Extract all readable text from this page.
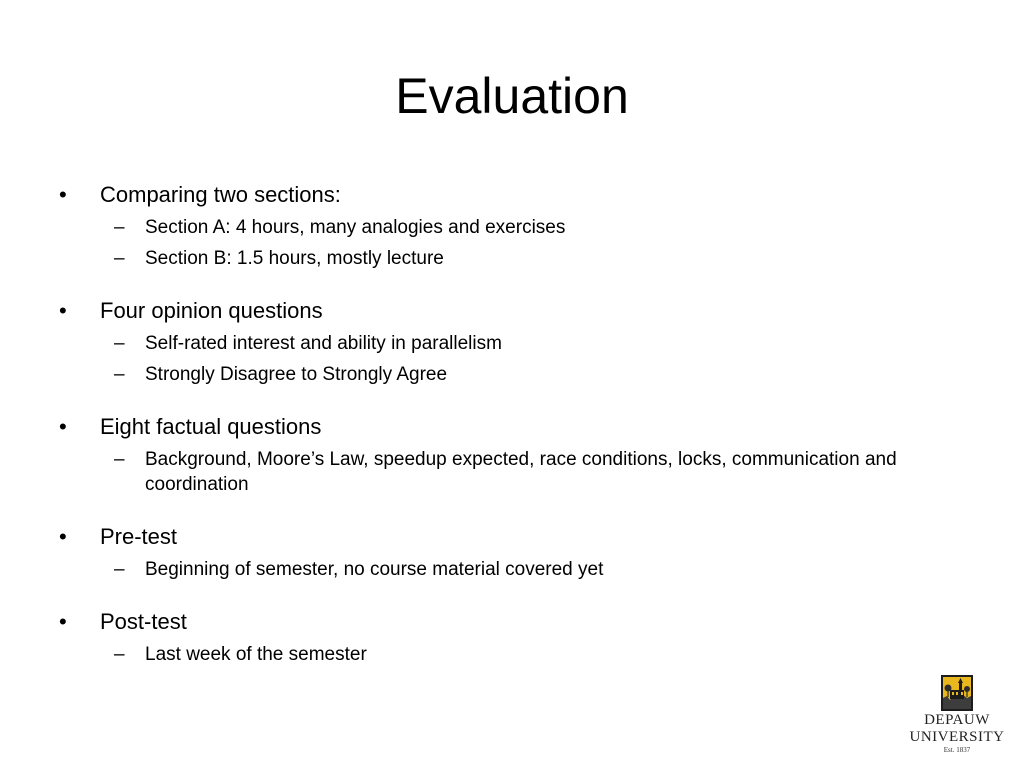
Evaluation
• Comparing two sections:
– Section A: 4 hours, many analogies and exercises
– Section B: 1.5 hours, mostly lecture
• Four opinion questions
– Self-rated interest and ability in parallelism
– Strongly Disagree to Strongly Agree
• Eight factual questions
– Background, Moore’s Law, speedup expected, race conditions, locks, communication and coordination
• Pre-test
– Beginning of semester, no course material covered yet
• Post-test
– Last week of the semester
DEPAUW
UNIVERSITY
Est. 1837
